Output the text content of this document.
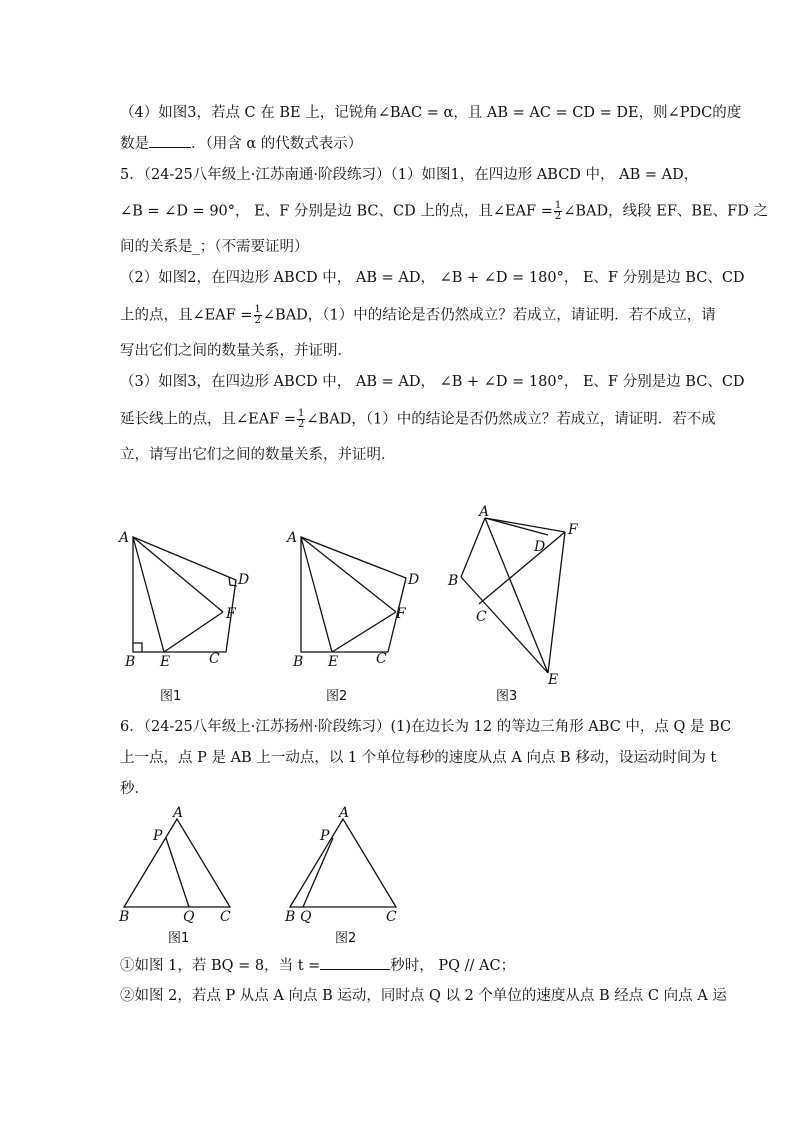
（4）如图3，若点 C 在 BE 上，记锐角∠BAC = α，且 AB = AC = CD = DE，则∠PDC的度
数是	．（用含 α 的代数式表示）
5．（24-25八年级上·江苏南通·阶段练习）（1）如图1，在四边形 ABCD 中， AB = AD，
∠B = ∠D = 90°， E、F 分别是边 BC、CD 上的点，且∠EAF = $\frac{1}{2}$ ∠BAD，线段 EF、BE、FD 之
间的关系是_；（不需要证明）
（2）如图2，在四边形 ABCD 中， AB = AD， ∠B + ∠D = 180°， E、F 分别是边 BC、CD
上的点，且∠EAF = $\frac{1}{2}$ ∠BAD，（1）中的结论是否仍然成立？若成立，请证明．若不成立，请
写出它们之间的数量关系，并证明．
（3）如图3，在四边形 ABCD 中， AB = AD， ∠B + ∠D = 180°， E、F 分别是边 BC、CD
延长线上的点，且∠EAF = $\frac{1}{2}$ ∠BAD，（1）中的结论是否仍然成立？若成立，请证明．若不成
立，请写出它们之间的数量关系，并证明．
A
B E	C
D
F
图1
A
B E	C
D
F
图2
A
B
C
D
E
F
图3
A
P
B	Q C
图1
A
P
B Q	C
图2
6．（24-25八年级上·江苏扬州·阶段练习）(1)在边长为 12 的等边三角形 ABC 中，点 Q 是 BC
上一点，点 P 是 AB 上一动点，以 1 个单位每秒的速度从点 A 向点 B 移动，设运动时间为 t
秒．
①如图 1，若 BQ = 8，当 t =	秒时， PQ // AC；
②如图 2，若点 P 从点 A 向点 B 运动，同时点 Q 以 2 个单位的速度从点 B 经点 C 向点 A 运
